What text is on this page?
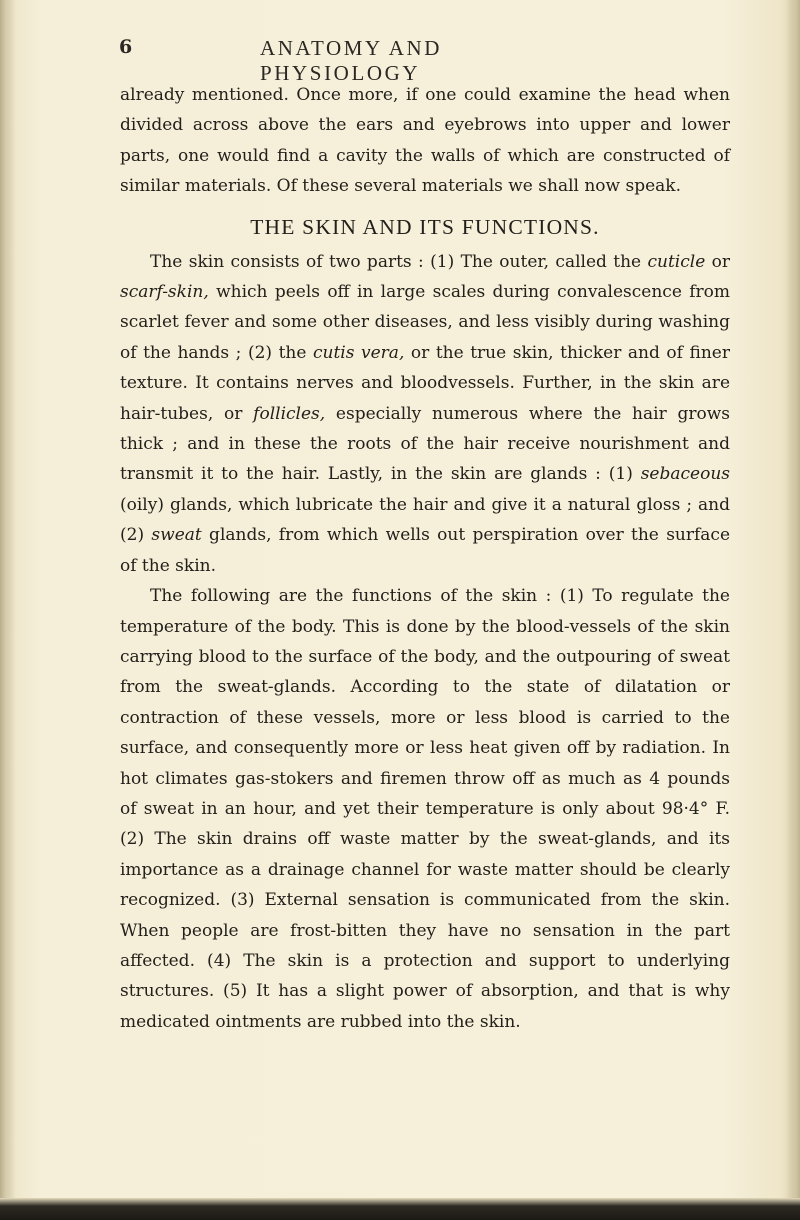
6	ANATOMY AND PHYSIOLOGY

already mentioned. Once more, if one could examine the head when divided across above the ears and eyebrows into upper and lower parts, one would find a cavity the walls of which are constructed of similar materials. Of these several materials we shall now speak.

THE SKIN AND ITS FUNCTIONS.

The skin consists of two parts : (1) The outer, called the cuticle or scarf-skin, which peels off in large scales during convalescence from scarlet fever and some other diseases, and less visibly during washing of the hands ; (2) the cutis vera, or the true skin, thicker and of finer texture. It contains nerves and bloodvessels. Further, in the skin are hair-tubes, or follicles, especially numerous where the hair grows thick ; and in these the roots of the hair receive nourishment and transmit it to the hair. Lastly, in the skin are glands : (1) sebaceous (oily) glands, which lubricate the hair and give it a natural gloss ; and (2) sweat glands, from which wells out perspiration over the surface of the skin.

The following are the functions of the skin : (1) To regulate the temperature of the body. This is done by the blood-vessels of the skin carrying blood to the surface of the body, and the outpouring of sweat from the sweat-glands. According to the state of dilatation or contraction of these vessels, more or less blood is carried to the surface, and consequently more or less heat given off by radiation. In hot climates gas-stokers and firemen throw off as much as 4 pounds of sweat in an hour, and yet their temperature is only about 98·4° F. (2) The skin drains off waste matter by the sweat-glands, and its importance as a drainage channel for waste matter should be clearly recognized. (3) External sensation is communicated from the skin. When people are frost-bitten they have no sensation in the part affected. (4) The skin is a protection and support to underlying structures. (5) It has a slight power of absorption, and that is why medicated ointments are rubbed into the skin.
